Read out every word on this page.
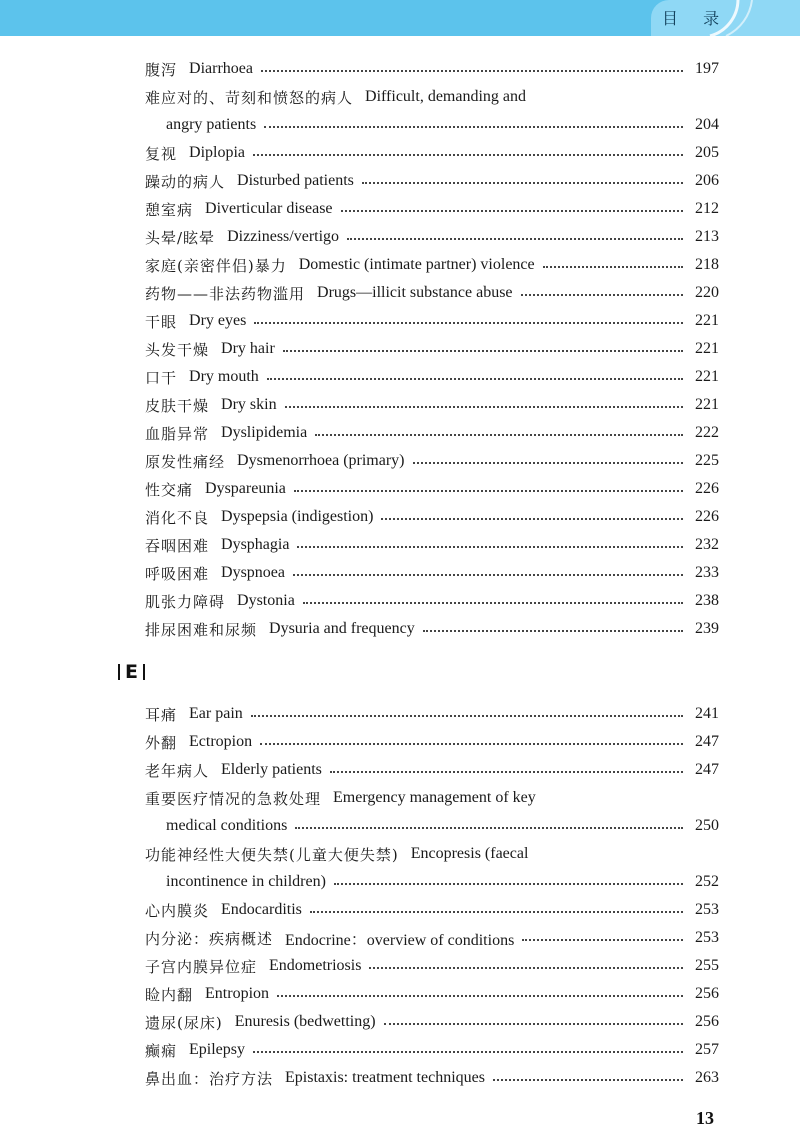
目 录
腹泻 Diarrhoea	197
难应对的、苛刻和愤怒的病人 Difficult, demanding and
angry patients	204
复视 Diplopia	205
躁动的病人 Disturbed patients	206
憩室病 Diverticular disease	212
头晕/眩晕 Dizziness/vertigo	213
家庭(亲密伴侣)暴力 Domestic (intimate partner) violence	218
药物——非法药物滥用 Drugs—illicit substance abuse	220
干眼 Dry eyes	221
头发干燥 Dry hair	221
口干 Dry mouth	221
皮肤干燥 Dry skin	221
血脂异常 Dyslipidemia	222
原发性痛经 Dysmenorrhoea (primary)	225
性交痛 Dyspareunia	226
消化不良 Dyspepsia (indigestion)	226
吞咽困难 Dysphagia	232
呼吸困难 Dyspnoea	233
肌张力障碍 Dystonia	238
排尿困难和尿频 Dysuria and frequency	239
耳痛 Ear pain	241
外翻 Ectropion	247
老年病人 Elderly patients	247
重要医疗情况的急救处理 Emergency management of key
medical conditions	250
功能神经性大便失禁(儿童大便失禁) Encopresis (faecal
incontinence in children)	252
心内膜炎 Endocarditis	253
内分泌：疾病概述 Endocrine：overview of conditions	253
子宫内膜异位症 Endometriosis	255
睑内翻 Entropion	256
遗尿(尿床) Enuresis (bedwetting)	256
癫痫 Epilepsy	257
鼻出血：治疗方法 Epistaxis: treatment techniques	263
E
13
